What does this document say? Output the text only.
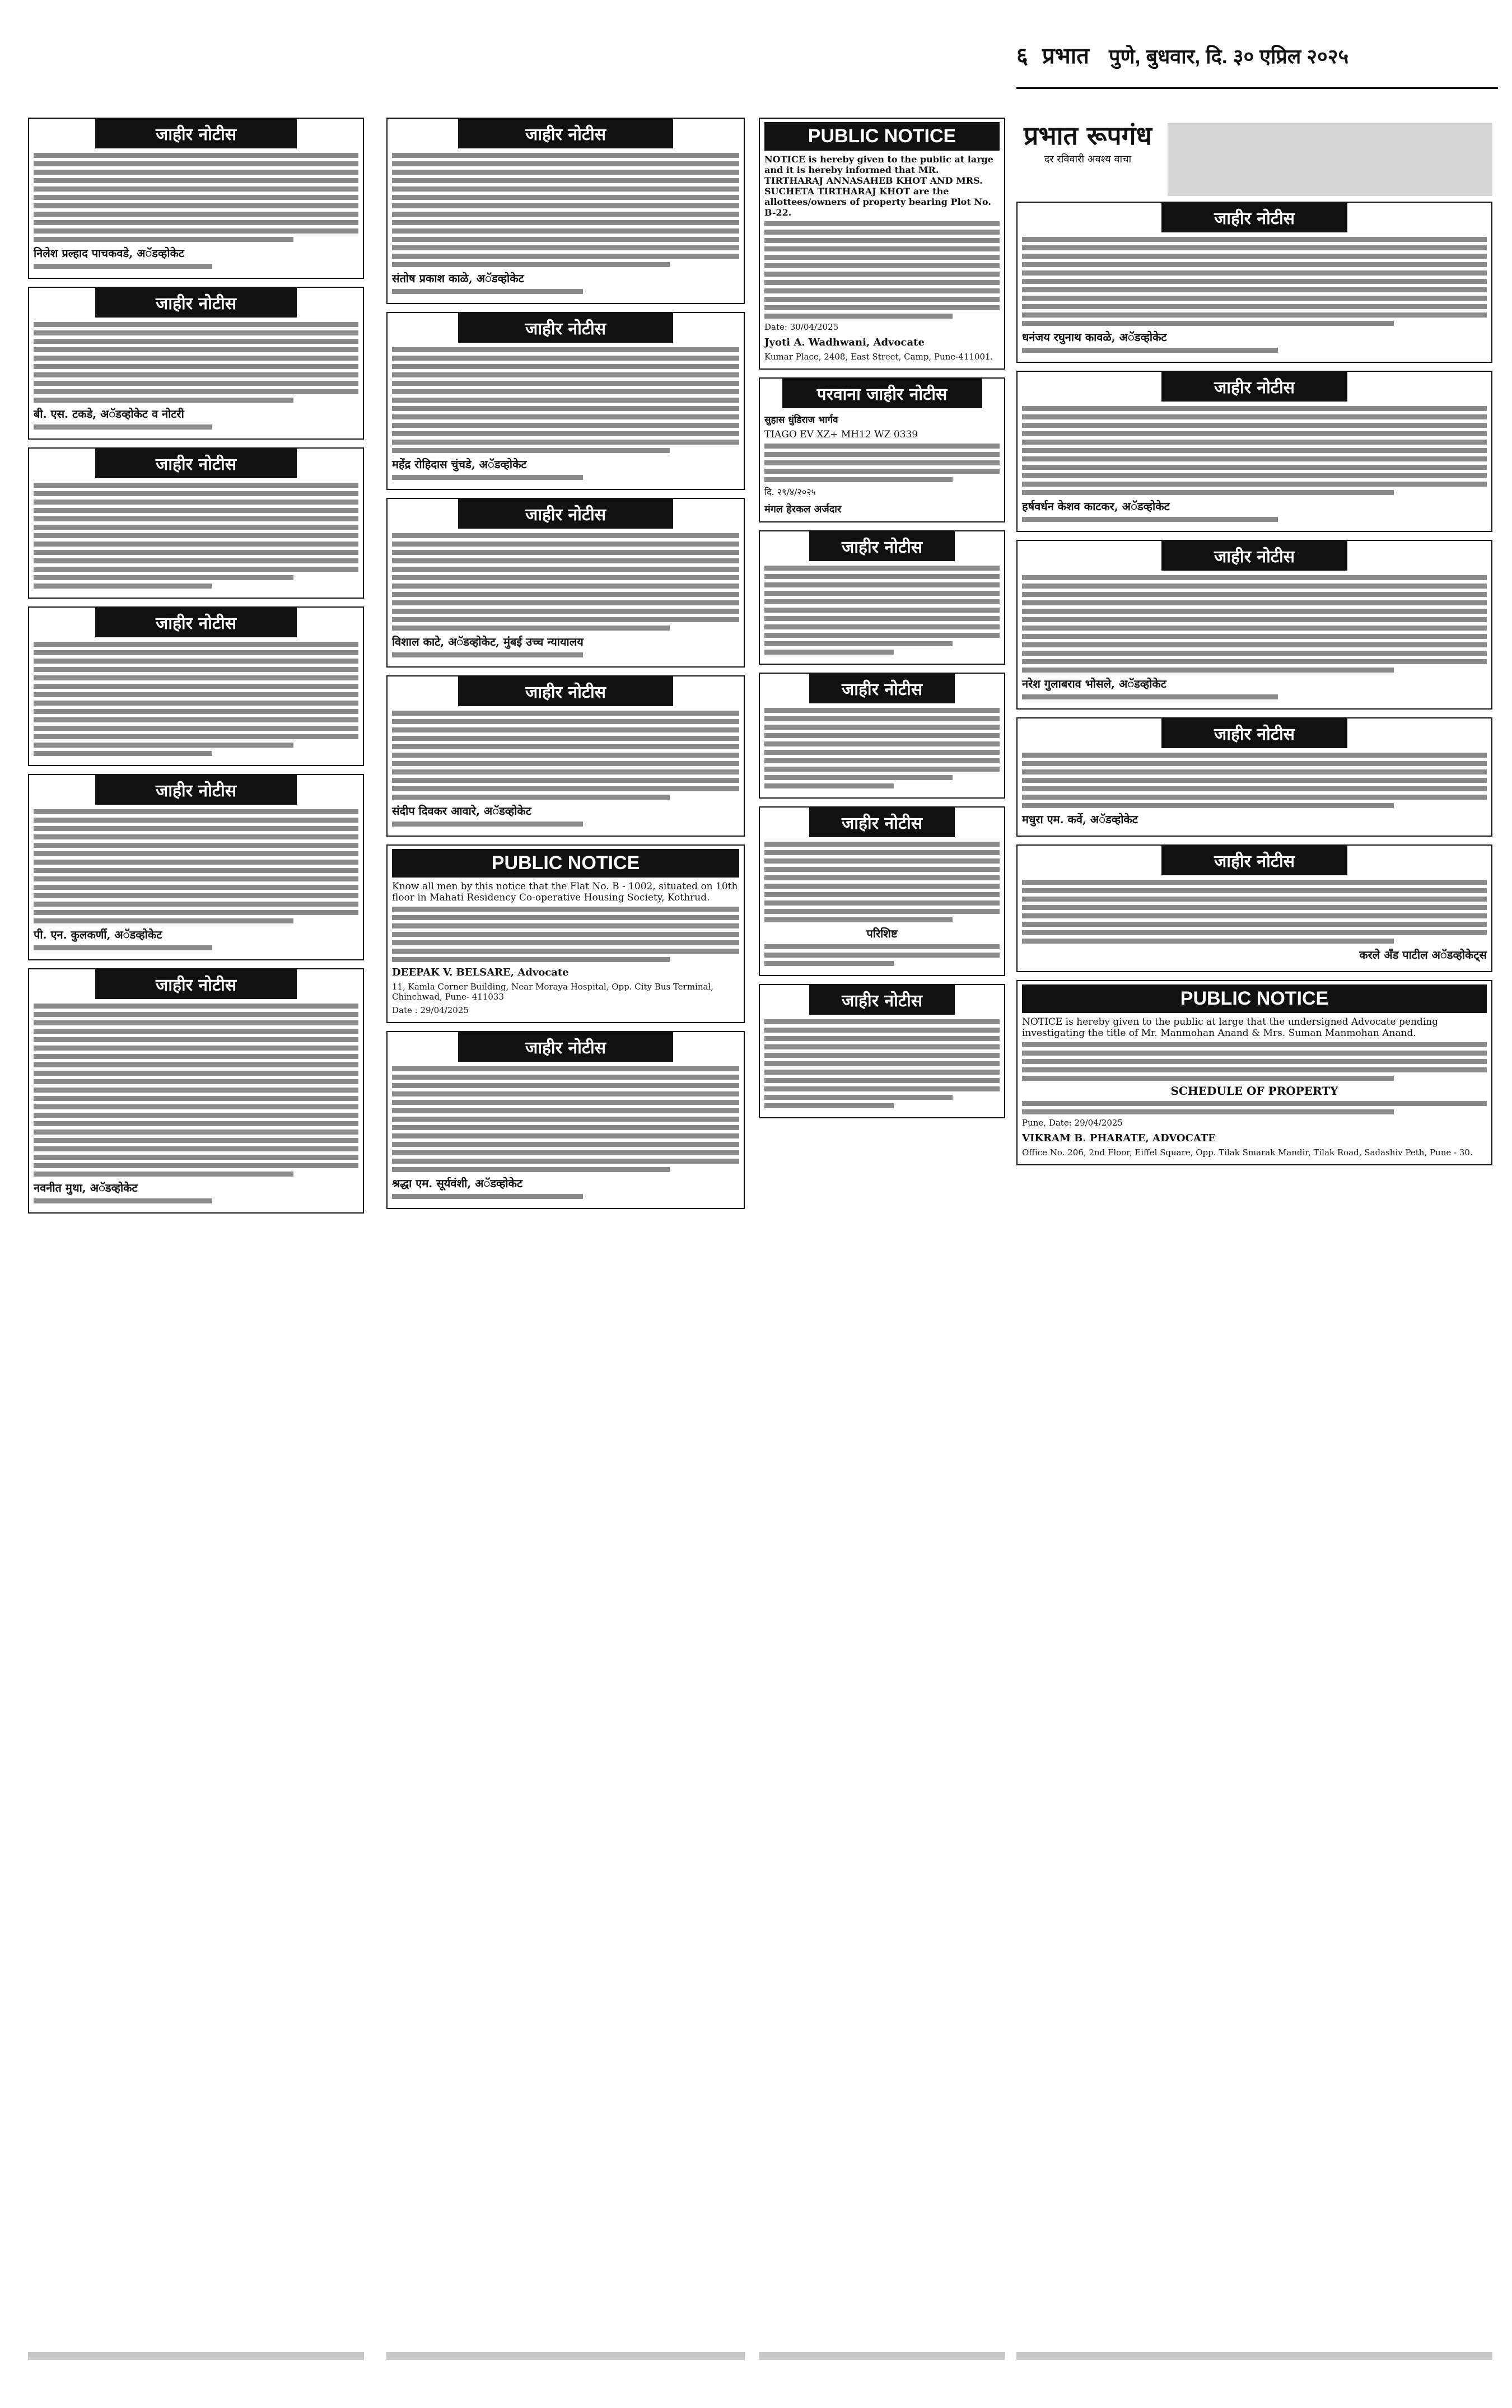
६ प्रभात पुणे, बुधवार, दि. ३० एप्रिल २०२५
प्रभात रूपगंध
दर रविवारी अवश्य वाचा
जाहीर नोटीस
निलेश प्रल्हाद पाचकवडे, अॅडव्होकेट
जाहीर नोटीस
बी. एस. टकडे, अॅडव्होकेट व नोटरी
जाहीर नोटीस
जाहीर नोटीस
जाहीर नोटीस
पी. एन. कुलकर्णी, अॅडव्होकेट
जाहीर नोटीस
नवनीत मुथा, अॅडव्होकेट
जाहीर नोटीस
संतोष प्रकाश काळे, अॅडव्होकेट
जाहीर नोटीस
महेंद्र रोहिदास चुंचडे, अॅडव्होकेट
जाहीर नोटीस
विशाल काटे, अॅडव्होकेट, मुंबई उच्च न्यायालय
जाहीर नोटीस
संदीप दिवकर आवारे, अॅडव्होकेट
PUBLIC NOTICE
Know all men by this notice that the Flat No. B - 1002, situated on 10th floor in Mahati Residency Co-operative Housing Society, Kothrud.
DEEPAK V. BELSARE, Advocate
11, Kamla Corner Building, Near Moraya Hospital, Opp. City Bus Terminal, Chinchwad, Pune- 411033
Date : 29/04/2025
जाहीर नोटीस
श्रद्धा एम. सूर्यवंशी, अॅडव्होकेट
PUBLIC NOTICE
NOTICE is hereby given to the public at large and it is hereby informed that MR. TIRTHARAJ ANNASAHEB KHOT AND MRS. SUCHETA TIRTHARAJ KHOT are the allottees/owners of property bearing Plot No. B-22.
Date: 30/04/2025
Jyoti A. Wadhwani, Advocate
Kumar Place, 2408, East Street, Camp, Pune-411001.
परवाना जाहीर नोटीस
सुहास धुंडिराज भार्गव
TIAGO EV XZ+ MH12 WZ 0339
दि. २९/४/२०२५
मंगल हेरकल अर्जदार
जाहीर नोटीस
जाहीर नोटीस
जाहीर नोटीस
परिशिष्ट
जाहीर नोटीस
जाहीर नोटीस
धनंजय रघुनाथ कावळे, अॅडव्होकेट
जाहीर नोटीस
हर्षवर्धन केशव काटकर, अॅडव्होकेट
जाहीर नोटीस
नरेश गुलाबराव भोसले, अॅडव्होकेट
जाहीर नोटीस
मधुरा एम. कर्वे, अॅडव्होकेट
जाहीर नोटीस
करले अँड पाटील अॅडव्होकेट्स
PUBLIC NOTICE
NOTICE is hereby given to the public at large that the undersigned Advocate pending investigating the title of Mr. Manmohan Anand & Mrs. Suman Manmohan Anand.
SCHEDULE OF PROPERTY
Pune, Date: 29/04/2025
VIKRAM B. PHARATE, ADVOCATE
Office No. 206, 2nd Floor, Eiffel Square, Opp. Tilak Smarak Mandir, Tilak Road, Sadashiv Peth, Pune - 30.
